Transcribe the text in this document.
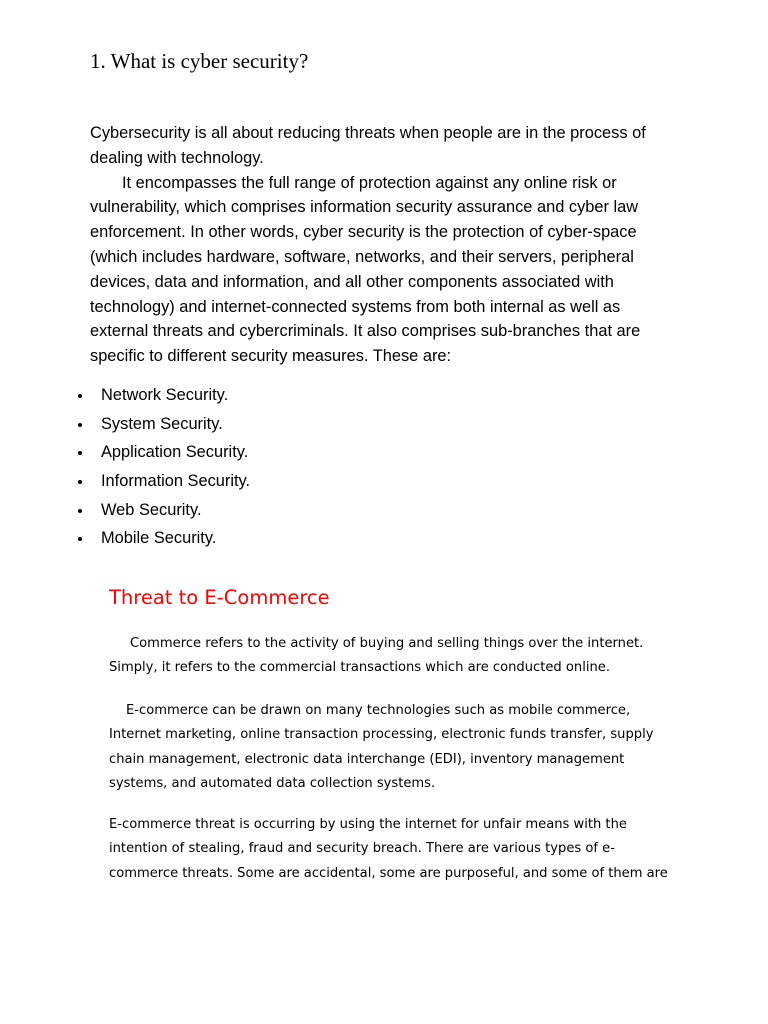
1. What is cyber security?
Cybersecurity is all about reducing threats when people are in the process of
dealing with technology.
It encompasses the full range of protection against any online risk or
vulnerability, which comprises information security assurance and cyber law
enforcement. In other words, cyber security is the protection of cyber-space
(which includes hardware, software, networks, and their servers, peripheral
devices, data and information, and all other components associated with
technology) and internet-connected systems from both internal as well as
external threats and cybercriminals. It also comprises sub-branches that are
specific to different security measures. These are:
Network Security.
System Security.
Application Security.
Information Security.
Web Security.
Mobile Security.
Threat to E-Commerce
Commerce refers to the activity of buying and selling things over the internet.
Simply, it refers to the commercial transactions which are conducted online.
E-commerce can be drawn on many technologies such as mobile commerce,
Internet marketing, online transaction processing, electronic funds transfer, supply
chain management, electronic data interchange (EDI), inventory management
systems, and automated data collection systems.
E-commerce threat is occurring by using the internet for unfair means with the
intention of stealing, fraud and security breach. There are various types of e-
commerce threats. Some are accidental, some are purposeful, and some of them are
